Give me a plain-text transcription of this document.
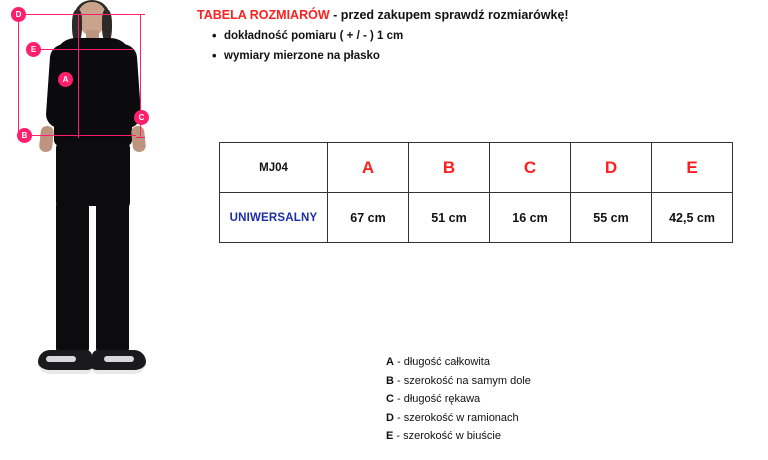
D
E
A
B
C
TABELA ROZMIARÓW - przed zakupem sprawdź rozmiarówkę!
• dokładność pomiaru ( + / - ) 1 cm
• wymiary mierzone na płasko
MJ04	A	B	C	D	E
UNIWERSALNY	67 cm	51 cm	16 cm	55 cm	42,5 cm
A - długość całkowita
B - szerokość na samym dole
C - długość rękawa
D - szerokość w ramionach
E - szerokość w biuście
